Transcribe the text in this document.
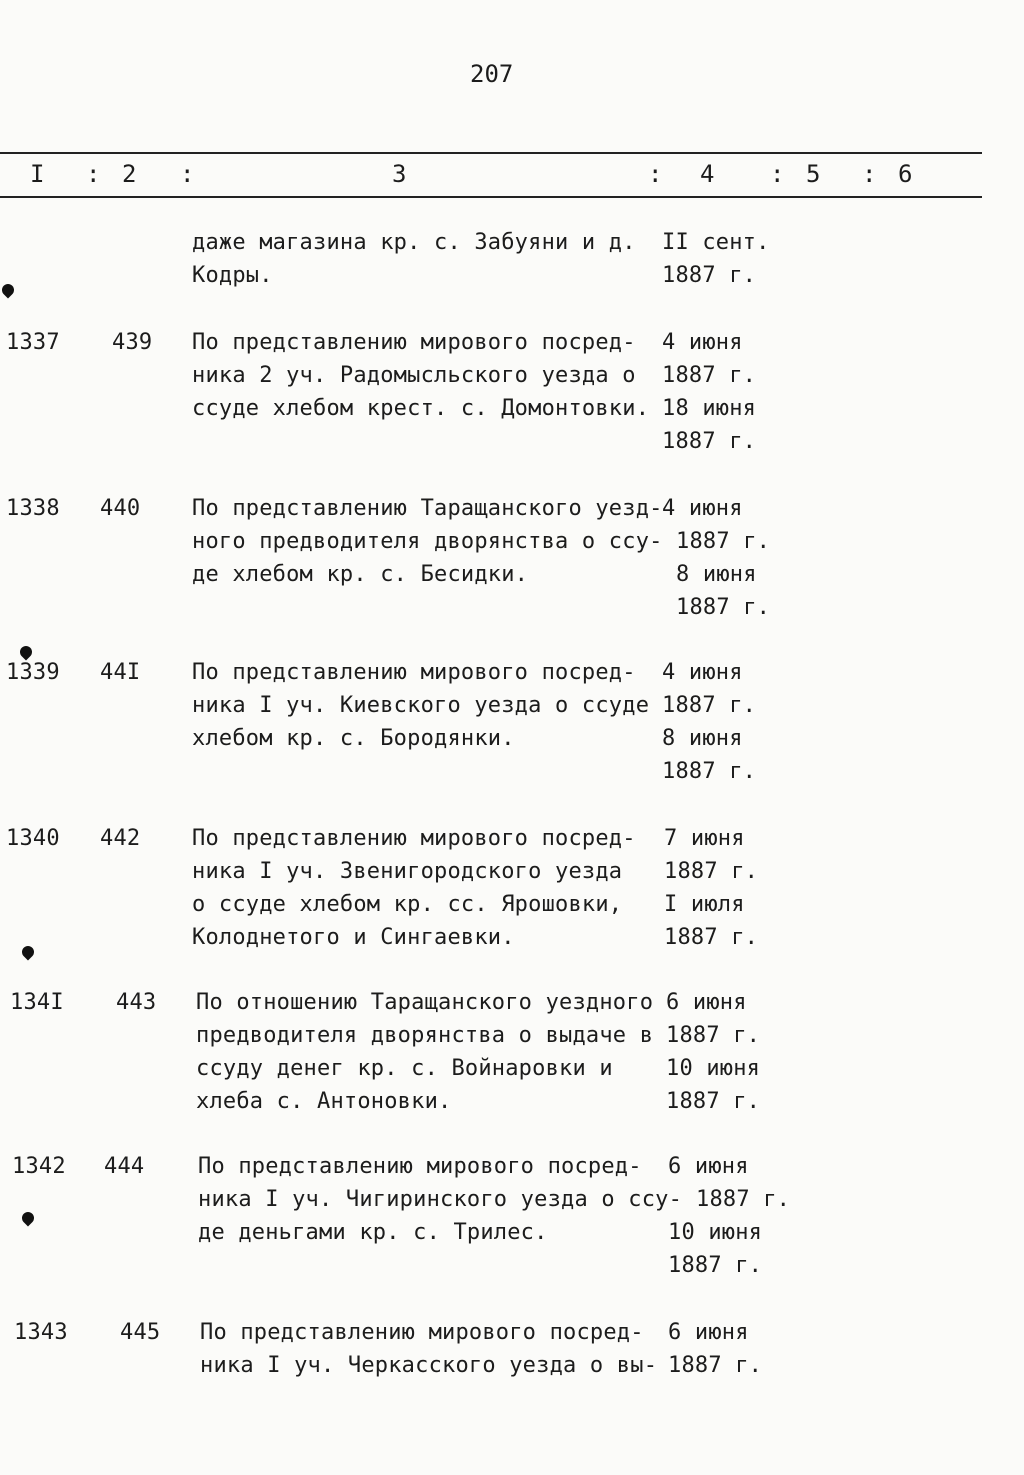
207
I : 2 :	3	: 4 : 5 : 6
даже магазина кр. с. Забуяни и д.
Кодры.
II сент.
1887 г.
1337 439 По представлению мирового посред-
ника 2 уч. Радомысльского уезда о
ссуде хлебом крест. с. Домонтовки.
4 июня
1887 г.
18 июня
1887 г.
1338 440 По представлению Таращанского уезд-
ного предводителя дворянства о ссу-
де хлебом кр. с. Бесидки.
4 июня
1887 г.
8 июня
1887 г.
1339 44I По представлению мирового посред-
ника I уч. Киевского уезда о ссуде
хлебом кр. с. Бородянки.
4 июня
1887 г.
8 июня
1887 г.
1340 442 По представлению мирового посред-
ника I уч. Звенигородского уезда
о ссуде хлебом кр. сс. Ярошовки,
Колоднетого и Сингаевки.
7 июня
1887 г.
I июля
1887 г.
134I 443 По отношению Таращанского уездного
предводителя дворянства о выдаче в
ссуду денег кр. с. Войнаровки и
хлеба с. Антоновки.
6 июня
1887 г.
10 июня
1887 г.
1342 444 По представлению мирового посред-
ника I уч. Чигиринского уезда о ссу-
де деньгами кр. с. Трилес.
6 июня
1887 г.
10 июня
1887 г.
1343 445 По представлению мирового посред-
ника I уч. Черкасского уезда о вы-
6 июня
1887 г.
